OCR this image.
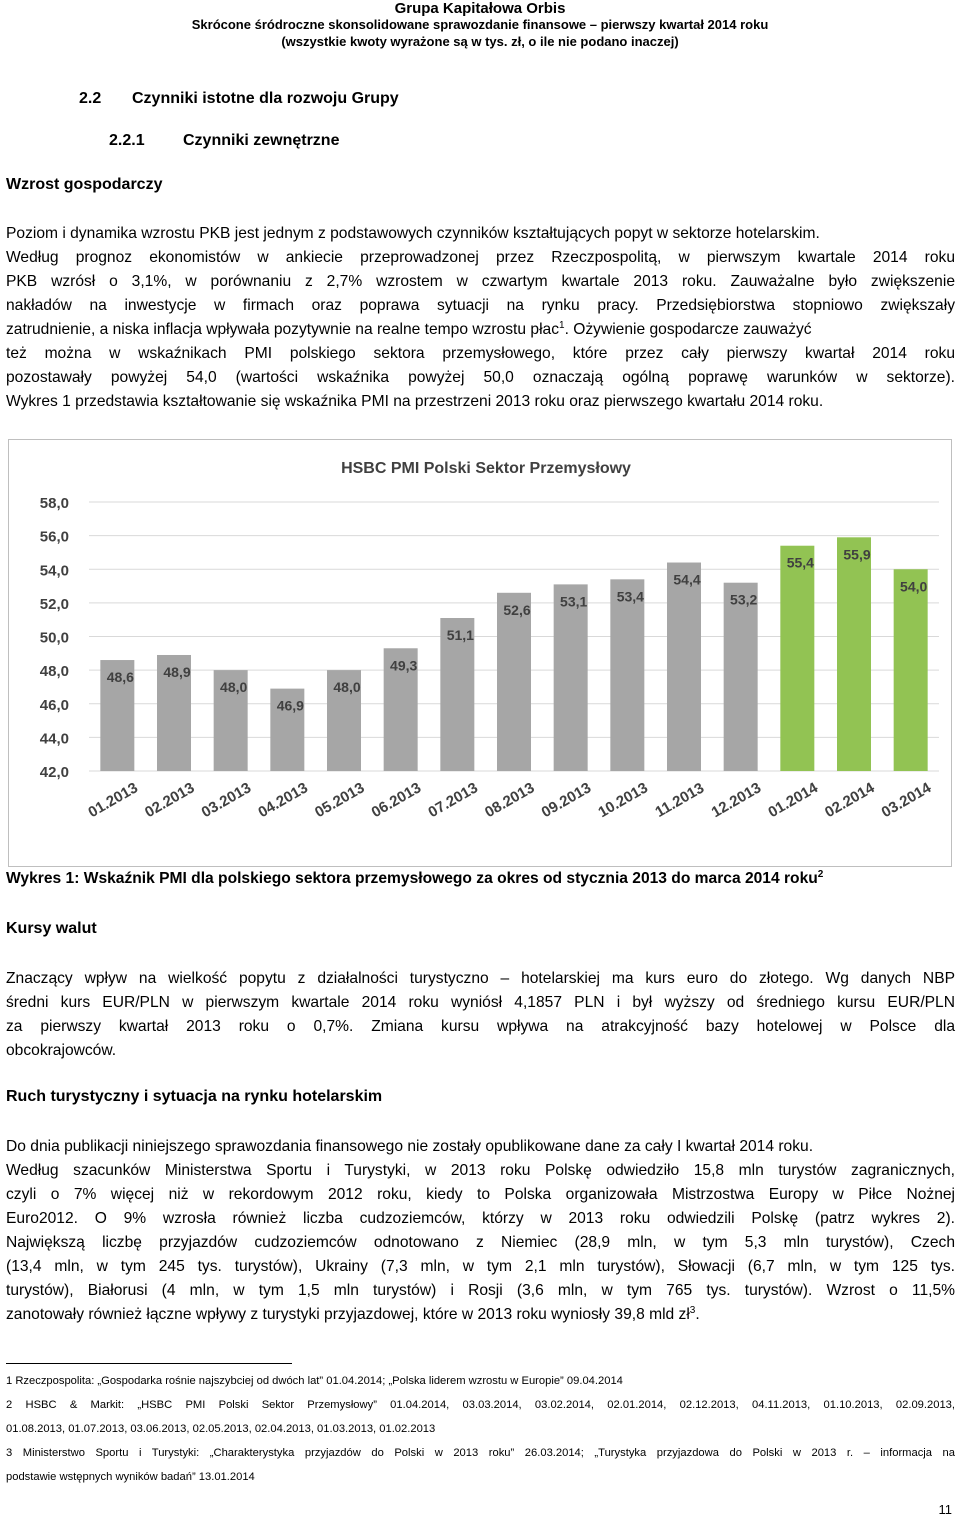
Grupa Kapitałowa Orbis
Skrócone śródroczne skonsolidowane sprawozdanie finansowe – pierwszy kwartał 2014 roku
(wszystkie kwoty wyrażone są w tys. zł, o ile nie podano inaczej)
2.2 Czynniki istotne dla rozwoju Grupy
2.2.1 Czynniki zewnętrzne
Wzrost gospodarczy
Poziom i dynamika wzrostu PKB jest jednym z podstawowych czynników kształtujących popyt w sektorze hotelarskim.
Według prognoz ekonomistów w ankiecie przeprowadzonej przez Rzeczpospolitą, w pierwszym kwartale 2014 roku
PKB wzrósł o 3,1%, w porównaniu z 2,7% wzrostem w czwartym kwartale 2013 roku. Zauważalne było zwiększenie
nakładów na inwestycje w firmach oraz poprawa sytuacji na rynku pracy. Przedsiębiorstwa stopniowo zwiększały
zatrudnienie, a niska inflacja wpływała pozytywnie na realne tempo wzrostu płac$^1$. Ożywienie gospodarcze zauważyć
też można w wskaźnikach PMI polskiego sektora przemysłowego, które przez cały pierwszy kwartał 2014 roku
pozostawały powyżej 54,0 (wartości wskaźnika powyżej 50,0 oznaczają ogólną poprawę warunków w sektorze).
Wykres 1 przedstawia kształtowanie się wskaźnika PMI na przestrzeni 2013 roku oraz pierwszego kwartału 2014 roku.
HSBC PMI Polski Sektor Przemysłowy
42,0
44,0
46,0
48,0
50,0
52,0
54,0
56,0
58,0
48,6
01.2013
48,9
02.2013
48,0
03.2013
46,9
04.2013
48,0
05.2013
49,3
06.2013
51,1
07.2013
52,6
08.2013
53,1
09.2013
53,4
10.2013
54,4
11.2013
53,2
12.2013
55,4
01.2014
55,9
02.2014
54,0
03.2014
Wykres 1: Wskaźnik PMI dla polskiego sektora przemysłowego za okres od stycznia 2013 do marca 2014 roku$^2$
Kursy walut
Znaczący wpływ na wielkość popytu z działalności turystyczno – hotelarskiej ma kurs euro do złotego. Wg danych NBP
średni kurs EUR/PLN w pierwszym kwartale 2014 roku wyniósł 4,1857 PLN i był wyższy od średniego kursu EUR/PLN
za pierwszy kwartał 2013 roku o 0,7%. Zmiana kursu wpływa na atrakcyjność bazy hotelowej w Polsce dla
obcokrajowców.
Ruch turystyczny i sytuacja na rynku hotelarskim
Do dnia publikacji niniejszego sprawozdania finansowego nie zostały opublikowane dane za cały I kwartał 2014 roku.
Według szacunków Ministerstwa Sportu i Turystyki, w 2013 roku Polskę odwiedziło 15,8 mln turystów zagranicznych,
czyli o 7% więcej niż w rekordowym 2012 roku, kiedy to Polska organizowała Mistrzostwa Europy w Piłce Nożnej
Euro2012. O 9% wzrosła również liczba cudzoziemców, którzy w 2013 roku odwiedzili Polskę (patrz wykres 2).
Największą liczbę przyjazdów cudzoziemców odnotowano z Niemiec (28,9 mln, w tym 5,3 mln turystów), Czech
(13,4 mln, w tym 245 tys. turystów), Ukrainy (7,3 mln, w tym 2,1 mln turystów), Słowacji (6,7 mln, w tym 125 tys.
turystów), Białorusi (4 mln, w tym 1,5 mln turystów) i Rosji (3,6 mln, w tym 765 tys. turystów). Wzrost o 11,5%
zanotowały również łączne wpływy z turystyki przyjazdowej, które w 2013 roku wyniosły 39,8 mld $zł^3$.
1 Rzeczpospolita: „Gospodarka rośnie najszybciej od dwóch lat” 01.04.2014; „Polska liderem wzrostu w Europie” 09.04.2014
2 HSBC & Markit: „HSBC PMI Polski Sektor Przemysłowy” 01.04.2014, 03.03.2014, 03.02.2014, 02.01.2014, 02.12.2013, 04.11.2013, 01.10.2013, 02.09.2013,
01.08.2013, 01.07.2013, 03.06.2013, 02.05.2013, 02.04.2013, 01.03.2013, 01.02.2013
3 Ministerstwo Sportu i Turystyki: „Charakterystyka przyjazdów do Polski w 2013 roku” 26.03.2014; „Turystyka przyjazdowa do Polski w 2013 r. – informacja na
podstawie wstępnych wyników badań” 13.01.2014
11
